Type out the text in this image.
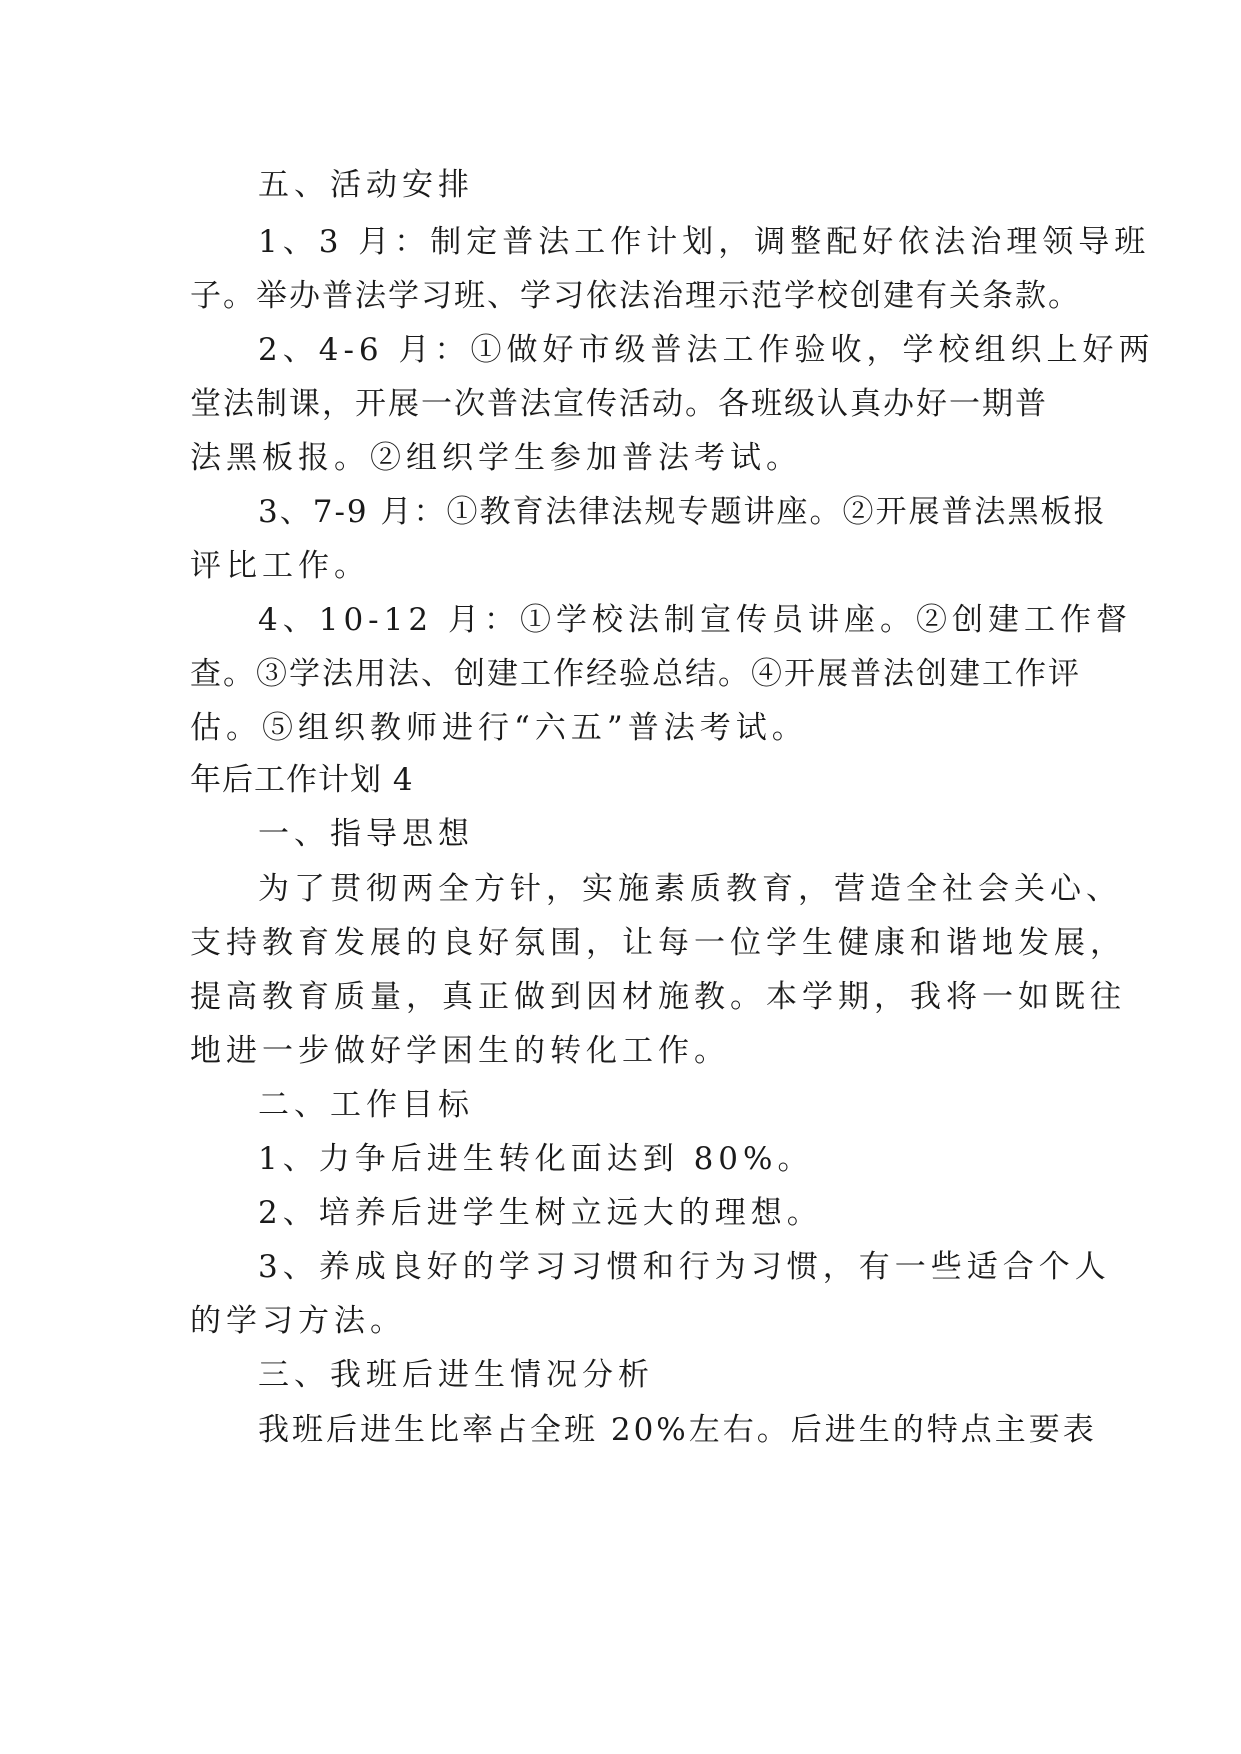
五、活动安排
1、3 月：制定普法工作计划，调整配好依法治理领导班
子。举办普法学习班、学习依法治理示范学校创建有关条款。
2、4-6 月：①做好市级普法工作验收，学校组织上好两
堂法制课，开展一次普法宣传活动。各班级认真办好一期普
法黑板报。②组织学生参加普法考试。
3、7-9 月：①教育法律法规专题讲座。②开展普法黑板报
评比工作。
4、10-12 月：①学校法制宣传员讲座。②创建工作督
查。③学法用法、创建工作经验总结。④开展普法创建工作评
估。⑤组织教师进行“六五”普法考试。
年后工作计划 4
一、指导思想
为了贯彻两全方针，实施素质教育，营造全社会关心、
支持教育发展的良好氛围，让每一位学生健康和谐地发展，
提高教育质量，真正做到因材施教。本学期，我将一如既往
地进一步做好学困生的转化工作。
二、工作目标
1、力争后进生转化面达到 80%。
2、培养后进学生树立远大的理想。
3、养成良好的学习习惯和行为习惯，有一些适合个人
的学习方法。
三、我班后进生情况分析
我班后进生比率占全班 20%左右。后进生的特点主要表
